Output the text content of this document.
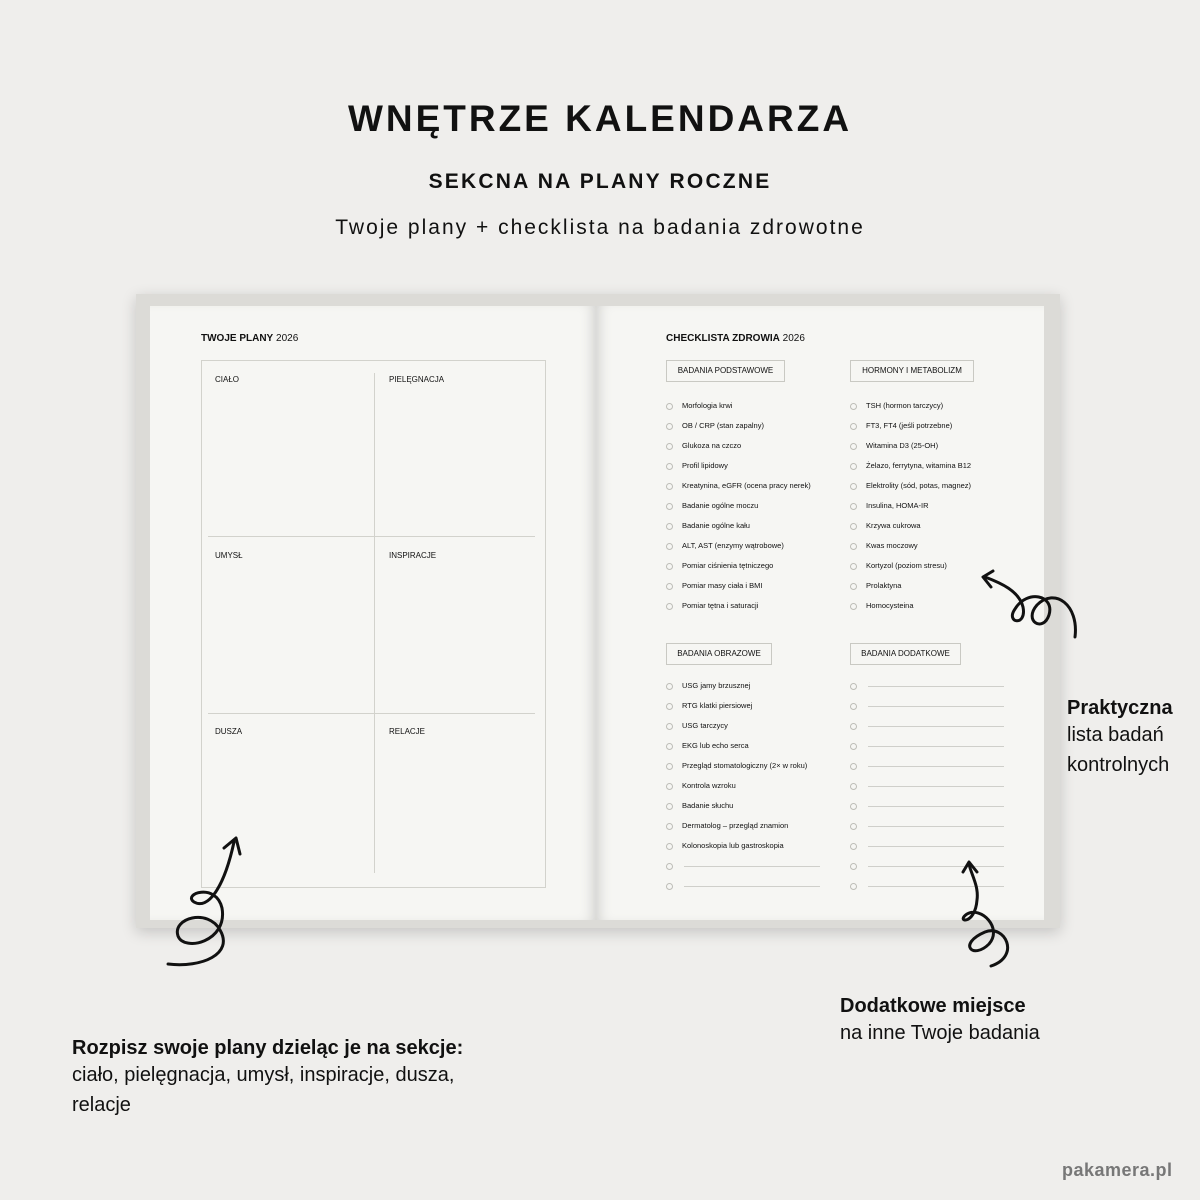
WNĘTRZE KALENDARZA
SEKCNA NA PLANY ROCZNE
Twoje plany + checklista na badania zdrowotne
TWOJE PLANY 2026
CIAŁO	PIELĘGNACJA
UMYSŁ	INSPIRACJE
DUSZA	RELACJE
CHECKLISTA ZDROWIA 2026
BADANIA PODSTAWOWE	HORMONY I METABOLIZM
BADANIA OBRAZOWE	BADANIA DODATKOWE
Morfologia krwi
OB / CRP (stan zapalny)
Glukoza na czczo
Profil lipidowy
Kreatynina, eGFR (ocena pracy nerek)
Badanie ogólne moczu
Badanie ogólne kału
ALT, AST (enzymy wątrobowe)
Pomiar ciśnienia tętniczego
Pomiar masy ciała i BMI
Pomiar tętna i saturacji
TSH (hormon tarczycy)
FT3, FT4 (jeśli potrzebne)
Witamina D3 (25-OH)
Żelazo, ferrytyna, witamina B12
Elektrolity (sód, potas, magnez)
Insulina, HOMA-IR
Krzywa cukrowa
Kwas moczowy
Kortyzol (poziom stresu)
Prolaktyna
Homocysteina
USG jamy brzusznej
RTG klatki piersiowej
USG tarczycy
EKG lub echo serca
Przegląd stomatologiczny (2× w roku)
Kontrola wzroku
Badanie słuchu
Dermatolog – przegląd znamion
Kolonoskopia lub gastroskopia
Praktyczna
lista badań
kontrolnych
Dodatkowe miejsce
na inne Twoje badania
Rozpisz swoje plany dzieląc je na sekcje:
ciało, pielęgnacja, umysł, inspiracje, dusza,
relacje
pakamera.pl
